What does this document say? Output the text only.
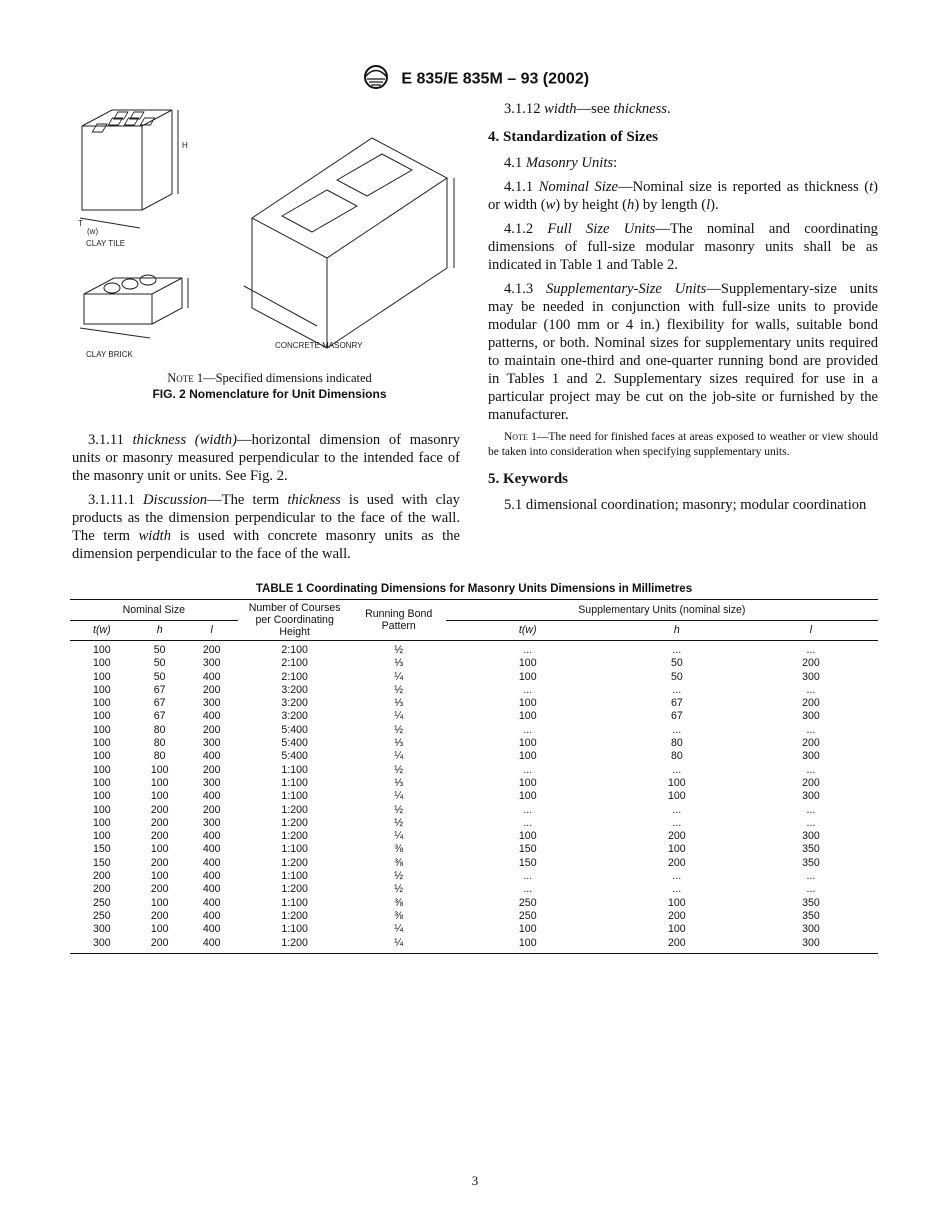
E 835/E 835M – 93 (2002)
T
(w)
H
CLAY TILE
CLAY BRICK
CONCRETE MASONRY
Note 1—Specified dimensions indicated
FIG. 2 Nomenclature for Unit Dimensions

3.1.11 thickness (width)—horizontal dimension of masonry units or masonry measured perpendicular to the intended face of the masonry unit or units. See Fig. 2.

3.1.11.1 Discussion—The term thickness is used with clay products as the dimension perpendicular to the face of the wall. The term width is used with concrete masonry units as the dimension perpendicular to the face of the wall.

3.1.12 width—see thickness.

4. Standardization of Sizes

4.1 Masonry Units:

4.1.1 Nominal Size—Nominal size is reported as thickness (t) or width (w) by height (h) by length (l).

4.1.2 Full Size Units—The nominal and coordinating dimensions of full-size modular masonry units shall be as indicated in Table 1 and Table 2.

4.1.3 Supplementary-Size Units—Supplementary-size units may be needed in conjunction with full-size units to provide modular (100 mm or 4 in.) flexibility for walls, suitable bond patterns, or both. Nominal sizes for supplementary units required to maintain one-third and one-quarter running bond are provided in Tables 1 and 2. Supplementary sizes required for use in a particular project may be cut on the job-site or furnished by the manufacturer.

Note 1—The need for finished faces at areas exposed to weather or view should be taken into consideration when specifying supplementary units.

5. Keywords

5.1 dimensional coordination; masonry; modular coordination

TABLE 1 Coordinating Dimensions for Masonry Units Dimensions in Millimetres
Nominal Size			Number of Courses per Coordinating Height	Running Bond Pattern	Supplementary Units (nominal size)		
t(w)	h	l			t(w)	h	l
100	50	200	2:100	½	...	...	...
100	50	300	2:100	⅓	100	50	200
100	50	400	2:100	¼	100	50	300
100	67	200	3:200	½	...	...	...
100	67	300	3:200	⅓	100	67	200
100	67	400	3:200	¼	100	67	300
100	80	200	5:400	½	...	...	...
100	80	300	5:400	⅓	100	80	200
100	80	400	5:400	¼	100	80	300
100	100	200	1:100	½	...	...	...
100	100	300	1:100	⅓	100	100	200
100	100	400	1:100	¼	100	100	300
100	200	200	1:200	½	...	...	...
100	200	300	1:200	½	...	...	...
100	200	400	1:200	¼	100	200	300
150	100	400	1:100	⅜	150	100	350
150	200	400	1:200	⅜	150	200	350
200	100	400	1:100	½	...	...	...
200	200	400	1:200	½	...	...	...
250	100	400	1:100	⅜	250	100	350
250	200	400	1:200	⅜	250	200	350
300	100	400	1:100	¼	100	100	300
300	200	400	1:200	¼	100	200	300
3
